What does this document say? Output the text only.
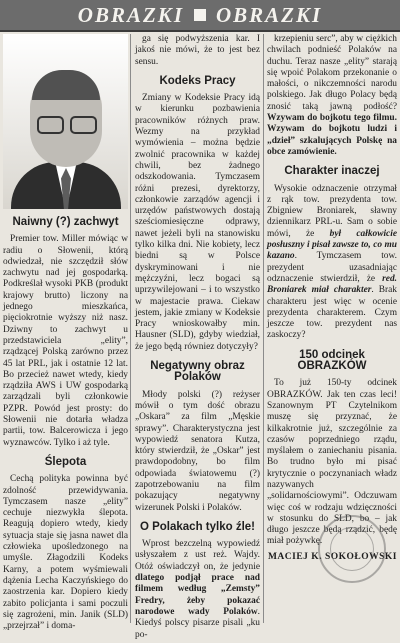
OBRAZKI OBRAZKI
Naiwny (?) zachwyt

Premier tow. Miller mówiąc w radiu o Słowenii, którą odwiedzał, nie szczędził słów zachwytu nad jej gospodarką. Podkreślał wysoki PKB (produkt krajowy brutto) liczony na jednego mieszkańca, pięciokrotnie wyższy niż nasz. Dziwny to zachwyt u przedstawiciela „elity”, rządzącej Polską zarówno przez 45 lat PRL, jak i ostatnie 12 lat. Bo przecież nawet wtedy, kiedy rządziła AWS i UW gospodarką zarządzali byli członkowie PZPR. Powód jest prosty: do Słowenii nie dotarła władza partii, tow. Balcerowicza i jego wyznawców. Tylko i aż tyle.

Ślepota

Cechą polityka powinna być zdolność przewidywania. Tymczasem nasze „elity” cechuje niezwykła ślepota. Reagują dopiero wtedy, kiedy sytuacja staje się jasna nawet dla człowieka upośledzonego na umyśle. Złagodzili Kodeks Karny, a potem wyśmiewali dążenia Lecha Kaczyńskiego do zaostrzenia kar. Dopiero kiedy zabito policjanta i sami poczuli się zagrożeni, min. Janik (SLD) „przejrzał” i doma-

ga się podwyższenia kar. I jakoś nie mówi, że to jest bez sensu.

Kodeks Pracy

Zmiany w Kodeksie Pracy idą w kierunku pozbawienia pracowników różnych praw. Wezmy na przykład wymówienia – można będzie zwolnić pracownika w każdej chwili, bez żadnego odszkodowania. Tymczasem różni prezesi, dyrektorzy, członkowie zarządów agencji i urzędów państwowych dostają sześciomiesięczne odprawy, nawet jeżeli byli na stanowisku tylko kilka dni. Nie kobiety, lecz biedni są w Polsce dyskryminowani i nie mężczyźni, lecz bogaci są uprzywilejowani – i to wszystko w majestacie prawa. Ciekaw jestem, jakie zmiany w Kodeksie Pracy wnioskowałby min. Hausner (SLD), gdyby wiedział, że jego będą równiez dotyczyły?

Negatywny obraz Polaków

Młody polski (?) reżyser mówił o tym dość obrazu „Oskara” za film „Męskie sprawy”. Charakterystyczna jest wypowiedź senatora Kutza, który stwierdził, że „Oskar” jest prawdopodobny, bo film odpowiada światowemu (?) zapotrzebowaniu na film pokazujący negatywny wizerunek Polski i Polaków.

O Polakach tylko źle!

Wprost bezczelną wypowiedź usłyszałem z ust reż. Wajdy. Otóż oświadczył on, że jedynie dlatego podjął prace nad filmem według „Zemsty” Fredry, żeby pokazać narodowe wady Polaków. Kiedyś polscy pisarze pisali „ku po-

krzepieniu serc”, aby w ciężkich chwilach podnieść Polaków na duchu. Teraz nasze „elity” starają się wpoić Polakom przekonanie o małości, o nikczemności narodu polskiego. Jak długo Polacy będą znosić taką jawną podłość? Wzywam do bojkotu tego filmu. Wzywam do bojkotu ludzi i „dzieł” szkalujących Polskę na obce zamówienie.

Charakter inaczej

Wysokie odznaczenie otrzymał z rąk tow. prezydenta tow. Zbigniew Broniarek, sławny dziennikarz PRL-u. Sam o sobie mówi, że był całkowicie posłuszny i pisał zawsze to, co mu kazano. Tymczasem tow. prezydent uzasadniając odznaczenie stwierdził, że red. Broniarek miał charakter. Brak charakteru jest więc w ocenie prezydenta charakterem. Czym jeszcze tow. prezydent nas zaskoczy?

150 odcinek OBRAZKÓW

To już 150-ty odcinek OBRAZKÓW. Jak ten czas leci! Szanownym PT Czytelnikom muszę się przyznać, że kilkakrotnie już, szczególnie za czasów poprzedniego rządu, myślałem o zaniechaniu pisania. Bo trudno było mi pisać krytycznie o poczynaniach władz nazywanych „solidarnościowymi”. Odczuwam więc coś w rodzaju wdzięczności w stosunku do SLD, bo – jak długo jeszcze będą rządzić, będę miał pożywkę.

MACIEJ K. SOKOŁOWSKI
